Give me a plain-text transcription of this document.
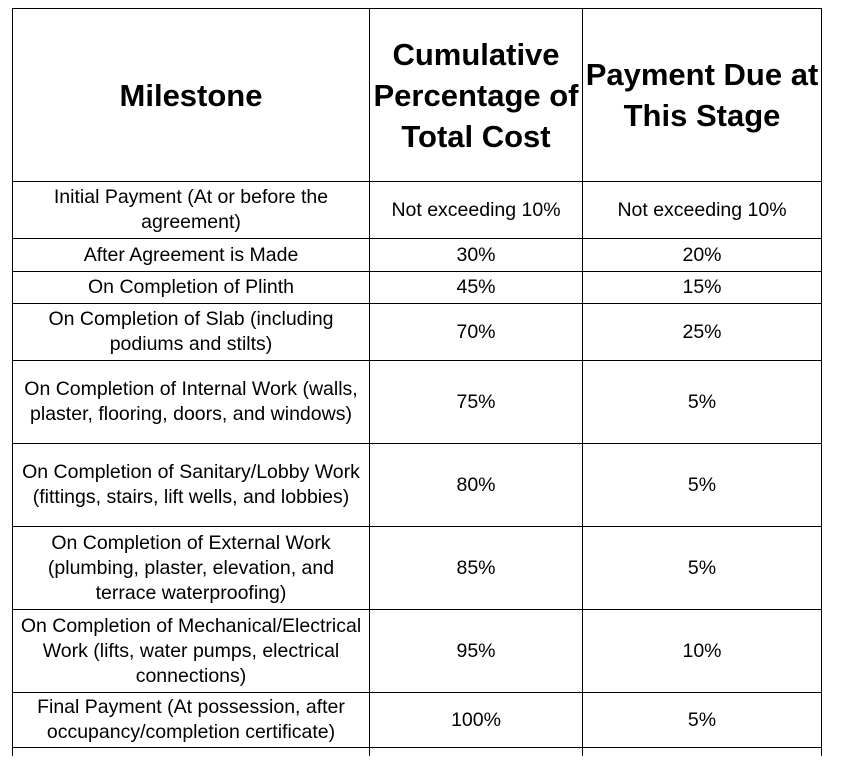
Milestone	Cumulative Percentage of Total Cost	Payment Due at This Stage
Initial Payment (At or before the agreement)	Not exceeding 10%	Not exceeding 10%
After Agreement is Made	30%	20%
On Completion of Plinth	45%	15%
On Completion of Slab (including podiums and stilts)	70%	25%
On Completion of Internal Work (walls, plaster, flooring, doors, and windows)	75%	5%
On Completion of Sanitary/Lobby Work (fittings, stairs, lift wells, and lobbies)	80%	5%
On Completion of External Work (plumbing, plaster, elevation, and terrace waterproofing)	85%	5%
On Completion of Mechanical/Electrical Work (lifts, water pumps, electrical connections)	95%	10%
Final Payment (At possession, after occupancy/completion certificate)	100%	5%
